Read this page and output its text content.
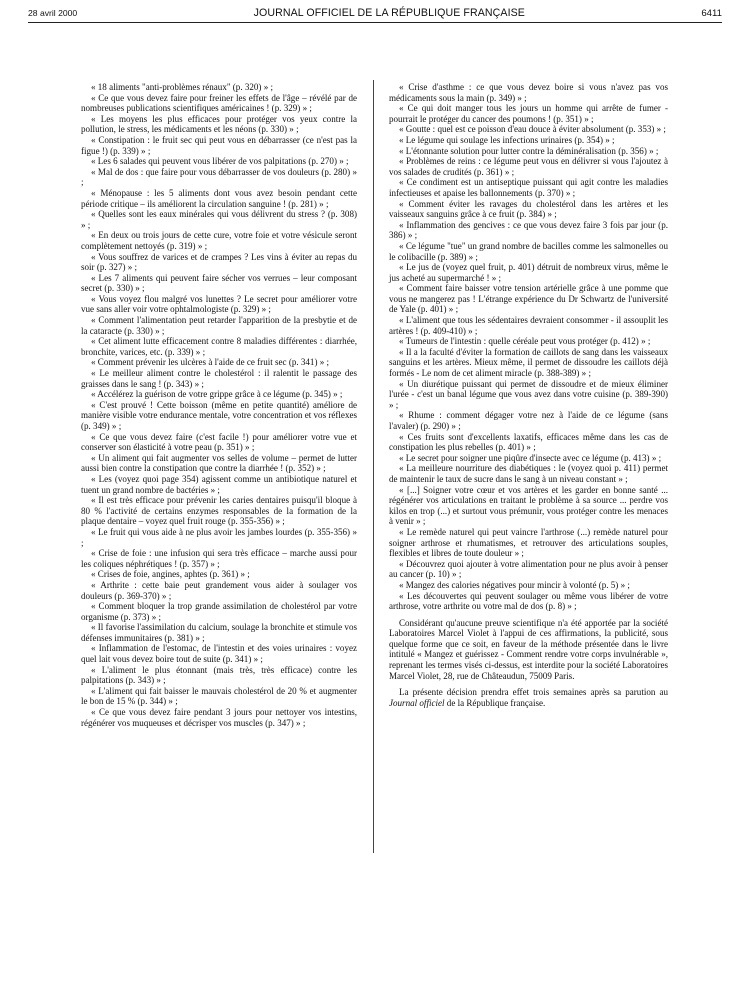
28 avril 2000	JOURNAL OFFICIEL DE LA RÉPUBLIQUE FRANÇAISE	6411

« 18 aliments "anti-problèmes rénaux" (p. 320) » ;

« Ce que vous devez faire pour freiner les effets de l'âge – révélé par de nombreuses publications scientifiques américaines ! (p. 329) » ;

« Les moyens les plus efficaces pour protéger vos yeux contre la pollution, le stress, les médicaments et les néons (p. 330) » ;

« Constipation : le fruit sec qui peut vous en débarrasser (ce n'est pas la figue !) (p. 339) » ;

« Les 6 salades qui peuvent vous libérer de vos palpitations (p. 270) » ;

« Mal de dos : que faire pour vous débarrasser de vos douleurs (p. 280) » ;

« Ménopause : les 5 aliments dont vous avez besoin pendant cette période critique – ils améliorent la circulation sanguine ! (p. 281) » ;

« Quelles sont les eaux minérales qui vous délivrent du stress ? (p. 308) » ;

« En deux ou trois jours de cette cure, votre foie et votre vésicule seront complètement nettoyés (p. 319) » ;

« Vous souffrez de varices et de crampes ? Les vins à éviter au repas du soir (p. 327) » ;

« Les 7 aliments qui peuvent faire sécher vos verrues – leur composant secret (p. 330) » ;

« Vous voyez flou malgré vos lunettes ? Le secret pour améliorer votre vue sans aller voir votre ophtalmologiste (p. 329) » ;

« Comment l'alimentation peut retarder l'apparition de la presbytie et de la cataracte (p. 330) » ;

« Cet aliment lutte efficacement contre 8 maladies différentes : diarrhée, bronchite, varices, etc. (p. 339) » ;

« Comment prévenir les ulcères à l'aide de ce fruit sec (p. 341) » ;

« Le meilleur aliment contre le cholestérol : il ralentit le passage des graisses dans le sang ! (p. 343) » ;

« Accélérez la guérison de votre grippe grâce à ce légume (p. 345) » ;

« C'est prouvé ! Cette boisson (même en petite quantité) améliore de manière visible votre endurance mentale, votre concentration et vos réflexes (p. 349) » ;

« Ce que vous devez faire (c'est facile !) pour améliorer votre vue et conserver son élasticité à votre peau (p. 351) » ;

« Un aliment qui fait augmenter vos selles de volume – permet de lutter aussi bien contre la constipation que contre la diarrhée ! (p. 352) » ;

« Les (voyez quoi page 354) agissent comme un antibiotique naturel et tuent un grand nombre de bactéries » ;

« Il est très efficace pour prévenir les caries dentaires puisqu'il bloque à 80 % l'activité de certains enzymes responsables de la formation de la plaque dentaire – voyez quel fruit rouge (p. 355-356) » ;

« Le fruit qui vous aide à ne plus avoir les jambes lourdes (p. 355-356) » ;

« Crise de foie : une infusion qui sera très efficace – marche aussi pour les coliques néphrétiques ! (p. 357) » ;

« Crises de foie, angines, aphtes (p. 361) » ;

« Arthrite : cette baie peut grandement vous aider à soulager vos douleurs (p. 369-370) » ;

« Comment bloquer la trop grande assimilation de cholestérol par votre organisme (p. 373) » ;

« Il favorise l'assimilation du calcium, soulage la bronchite et stimule vos défenses immunitaires (p. 381) » ;

« Inflammation de l'estomac, de l'intestin et des voies urinaires : voyez quel lait vous devez boire tout de suite (p. 341) » ;

« L'aliment le plus étonnant (mais très, très efficace) contre les palpitations (p. 343) » ;

« L'aliment qui fait baisser le mauvais cholestérol de 20 % et augmenter le bon de 15 % (p. 344) » ;

« Ce que vous devez faire pendant 3 jours pour nettoyer vos intestins, régénérer vos muqueuses et décrisper vos muscles (p. 347) » ;

« Crise d'asthme : ce que vous devez boire si vous n'avez pas vos médicaments sous la main (p. 349) » ;

« Ce qui doit manger tous les jours un homme qui arrête de fumer - pourrait le protéger du cancer des poumons ! (p. 351) » ;

« Goutte : quel est ce poisson d'eau douce à éviter absolument (p. 353) » ;

« Le légume qui soulage les infections urinaires (p. 354) » ;

« L'étonnante solution pour lutter contre la déminéralisation (p. 356) » ;

« Problèmes de reins : ce légume peut vous en délivrer si vous l'ajoutez à vos salades de crudités (p. 361) » ;

« Ce condiment est un antiseptique puissant qui agit contre les maladies infectieuses et apaise les ballonnements (p. 370) » ;

« Comment éviter les ravages du cholestérol dans les artères et les vaisseaux sanguins grâce à ce fruit (p. 384) » ;

« Inflammation des gencives : ce que vous devez faire 3 fois par jour (p. 386) » ;

« Ce légume "tue" un grand nombre de bacilles comme les salmonelles ou le colibacille (p. 389) » ;

« Le jus de (voyez quel fruit, p. 401) détruit de nombreux virus, même le jus acheté au supermarché ! » ;

« Comment faire baisser votre tension artérielle grâce à une pomme que vous ne mangerez pas ! L'étrange expérience du Dr Schwartz de l'université de Yale (p. 401) » ;

« L'aliment que tous les sédentaires devraient consommer - il assouplit les artères ! (p. 409-410) » ;

« Tumeurs de l'intestin : quelle céréale peut vous protéger (p. 412) » ;

« Il a la faculté d'éviter la formation de caillots de sang dans les vaisseaux sanguins et les artères. Mieux même, il permet de dissoudre les caillots déjà formés - Le nom de cet aliment miracle (p. 388-389) » ;

« Un diurétique puissant qui permet de dissoudre et de mieux éliminer l'urée - c'est un banal légume que vous avez dans votre cuisine (p. 389-390) » ;

« Rhume : comment dégager votre nez à l'aide de ce légume (sans l'avaler) (p. 290) » ;

« Ces fruits sont d'excellents laxatifs, efficaces même dans les cas de constipation les plus rebelles (p. 401) » ;

« Le secret pour soigner une piqûre d'insecte avec ce légume (p. 413) » ;

« La meilleure nourriture des diabétiques : le (voyez quoi p. 411) permet de maintenir le taux de sucre dans le sang à un niveau constant » ;

« [...] Soigner votre cœur et vos artères et les garder en bonne santé ... régénérer vos articulations en traitant le problème à sa source ... perdre vos kilos en trop (...) et surtout vous prémunir, vous protéger contre les menaces à venir » ;

« Le remède naturel qui peut vaincre l'arthrose (...) remède naturel pour soigner arthrose et rhumatismes, et retrouver des articulations souples, flexibles et libres de toute douleur » ;

« Découvrez quoi ajouter à votre alimentation pour ne plus avoir à penser au cancer (p. 10) » ;

« Mangez des calories négatives pour mincir à volonté (p. 5) » ;

« Les découvertes qui peuvent soulager ou même vous libérer de votre arthrose, votre arthrite ou votre mal de dos (p. 8) » ;

Considérant qu'aucune preuve scientifique n'a été apportée par la société Laboratoires Marcel Violet à l'appui de ces affirmations, la publicité, sous quelque forme que ce soit, en faveur de la méthode présentée dans le livre intitulé « Mangez et guérissez - Comment rendre votre corps invulnérable », reprenant les termes visés ci-dessus, est interdite pour la société Laboratoires Marcel Violet, 28, rue de Châteaudun, 75009 Paris.

La présente décision prendra effet trois semaines après sa parution au Journal officiel de la République française.
